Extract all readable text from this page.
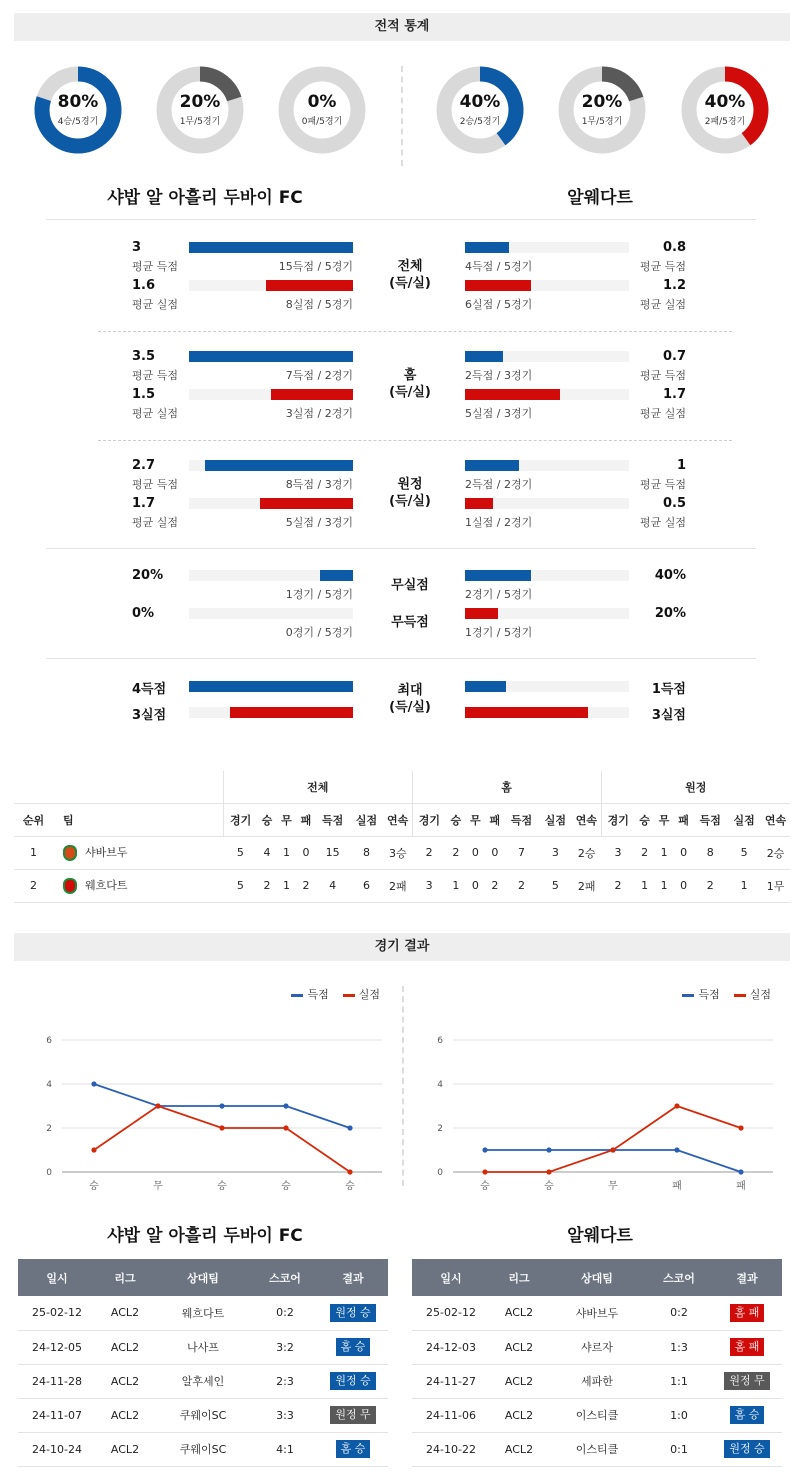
전적 통계
80%
4승/5경기
20%
1무/5경기
0%
0패/5경기
40%
2승/5경기
20%
1무/5경기
40%
2패/5경기
샤밥 알 아흘리 두바이 FC	알웨다트
3
평균 득점	15득점 / 5경기
1.6
평균 실점	8실점 / 5경기
0.8
평균 득점
4득점 / 5경기
1.2
평균 실점
6실점 / 5경기
전체
(득/실)
3.5
평균 득점	7득점 / 2경기
1.5
평균 실점	3실점 / 2경기
0.7
평균 득점
2득점 / 3경기
1.7
평균 실점
5실점 / 3경기
홈
(득/실)
2.7
평균 득점	8득점 / 3경기
1.7
평균 실점	5실점 / 3경기
1
평균 득점
2득점 / 2경기
0.5
평균 실점
1실점 / 2경기
원정
(득/실)
20%
1경기 / 5경기
0%
0경기 / 5경기
40%
2경기 / 5경기
20%
1경기 / 5경기
무실점
무득점
4득점
3실점
1득점
3실점
최대
(득/실)
		전체							홈							원정						
순위	팀	경기	승	무	패	득점	실점	연속	경기	승	무	패	득점	실점	연속	경기	승	무	패	득점	실점	연속
1	샤바브두	5	4	1	0	15	8	3승	2	2	0	0	7	3	2승	3	2	1	0	8	5	2승
2	웨흐다트	5	2	1	2	4	6	2패	3	1	0	2	2	5	2패	2	1	1	0	2	1	1무
경기 결과
득점	실점
0
2
4
6
승	무	승	승	승
득점	실점
0
2
4
6
승	승	무	패	패
샤밥 알 아흘리 두바이 FC	알웨다트
일시	리그	상대팀	스코어	결과
25-02-12	ACL2	웨흐다트	0:2	원정 승
24-12-05	ACL2	나사프	3:2	홈 승
24-11-28	ACL2	알후세인	2:3	원정 승
24-11-07	ACL2	쿠웨이SC	3:3	원정 무
24-10-24	ACL2	쿠웨이SC	4:1	홈 승
일시	리그	상대팀	스코어	결과
25-02-12	ACL2	샤바브두	0:2	홈 패
24-12-03	ACL2	샤르자	1:3	홈 패
24-11-27	ACL2	세파한	1:1	원정 무
24-11-06	ACL2	이스티클	1:0	홈 승
24-10-22	ACL2	이스티클	0:1	원정 승
